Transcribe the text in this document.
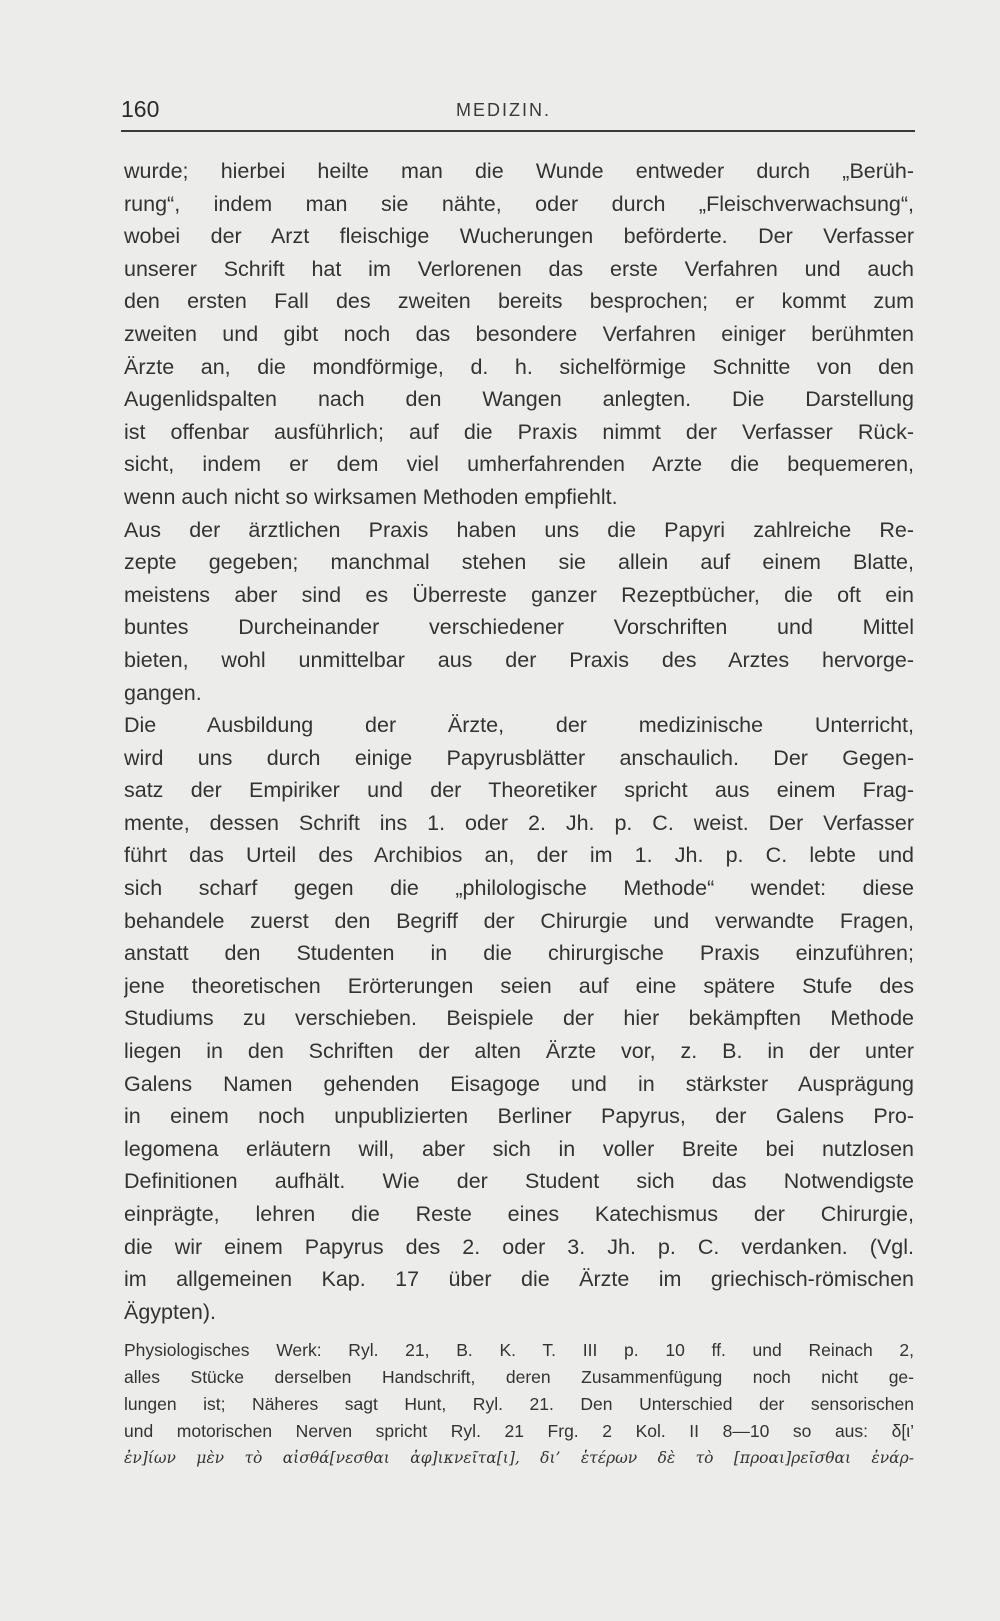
160	MEDIZIN.
wurde; hierbei heilte man die Wunde entweder durch „Berüh-
rung“, indem man sie nähte, oder durch „Fleischverwachsung“,
wobei der Arzt fleischige Wucherungen beförderte. Der Verfasser
unserer Schrift hat im Verlorenen das erste Verfahren und auch
den ersten Fall des zweiten bereits besprochen; er kommt zum
zweiten und gibt noch das besondere Verfahren einiger berühmten
Ärzte an, die mondförmige, d. h. sichelförmige Schnitte von den
Augenlidspalten nach den Wangen anlegten. Die Darstellung
ist offenbar ausführlich; auf die Praxis nimmt der Verfasser Rück-
sicht, indem er dem viel umherfahrenden Arzte die bequemeren,
wenn auch nicht so wirksamen Methoden empfiehlt.
Aus der ärztlichen Praxis haben uns die Papyri zahlreiche Re-
zepte gegeben; manchmal stehen sie allein auf einem Blatte,
meistens aber sind es Überreste ganzer Rezeptbücher, die oft ein
buntes Durcheinander verschiedener Vorschriften und Mittel
bieten, wohl unmittelbar aus der Praxis des Arztes hervorge-
gangen.
Die Ausbildung der Ärzte, der medizinische Unterricht,
wird uns durch einige Papyrusblätter anschaulich. Der Gegen-
satz der Empiriker und der Theoretiker spricht aus einem Frag-
mente, dessen Schrift ins 1. oder 2. Jh. p. C. weist. Der Verfasser
führt das Urteil des Archibios an, der im 1. Jh. p. C. lebte und
sich scharf gegen die „philologische Methode“ wendet: diese
behandele zuerst den Begriff der Chirurgie und verwandte Fragen,
anstatt den Studenten in die chirurgische Praxis einzuführen;
jene theoretischen Erörterungen seien auf eine spätere Stufe des
Studiums zu verschieben. Beispiele der hier bekämpften Methode
liegen in den Schriften der alten Ärzte vor, z. B. in der unter
Galens Namen gehenden Eisagoge und in stärkster Ausprägung
in einem noch unpublizierten Berliner Papyrus, der Galens Pro-
legomena erläutern will, aber sich in voller Breite bei nutzlosen
Definitionen aufhält. Wie der Student sich das Notwendigste
einprägte, lehren die Reste eines Katechismus der Chirurgie,
die wir einem Papyrus des 2. oder 3. Jh. p. C. verdanken. (Vgl.
im allgemeinen Kap. 17 über die Ärzte im griechisch-römischen
Ägypten).
Physiologisches Werk: Ryl. 21, B. K. T. III p. 10 ff. und Reinach 2,
alles Stücke derselben Handschrift, deren Zusammenfügung noch nicht ge-
lungen ist; Näheres sagt Hunt, Ryl. 21. Den Unterschied der sensorischen
und motorischen Nerven spricht Ryl. 21 Frg. 2 Kol. II 8—10 so aus: δ[ι’
ἐν]ίων μὲν τὸ αἰσθά[νεσθαι ἀφ]ικνεῖτα[ι], δι’ ἑτέρων δὲ τὸ [προαι]ρεῖσθαι ἐνάρ-
